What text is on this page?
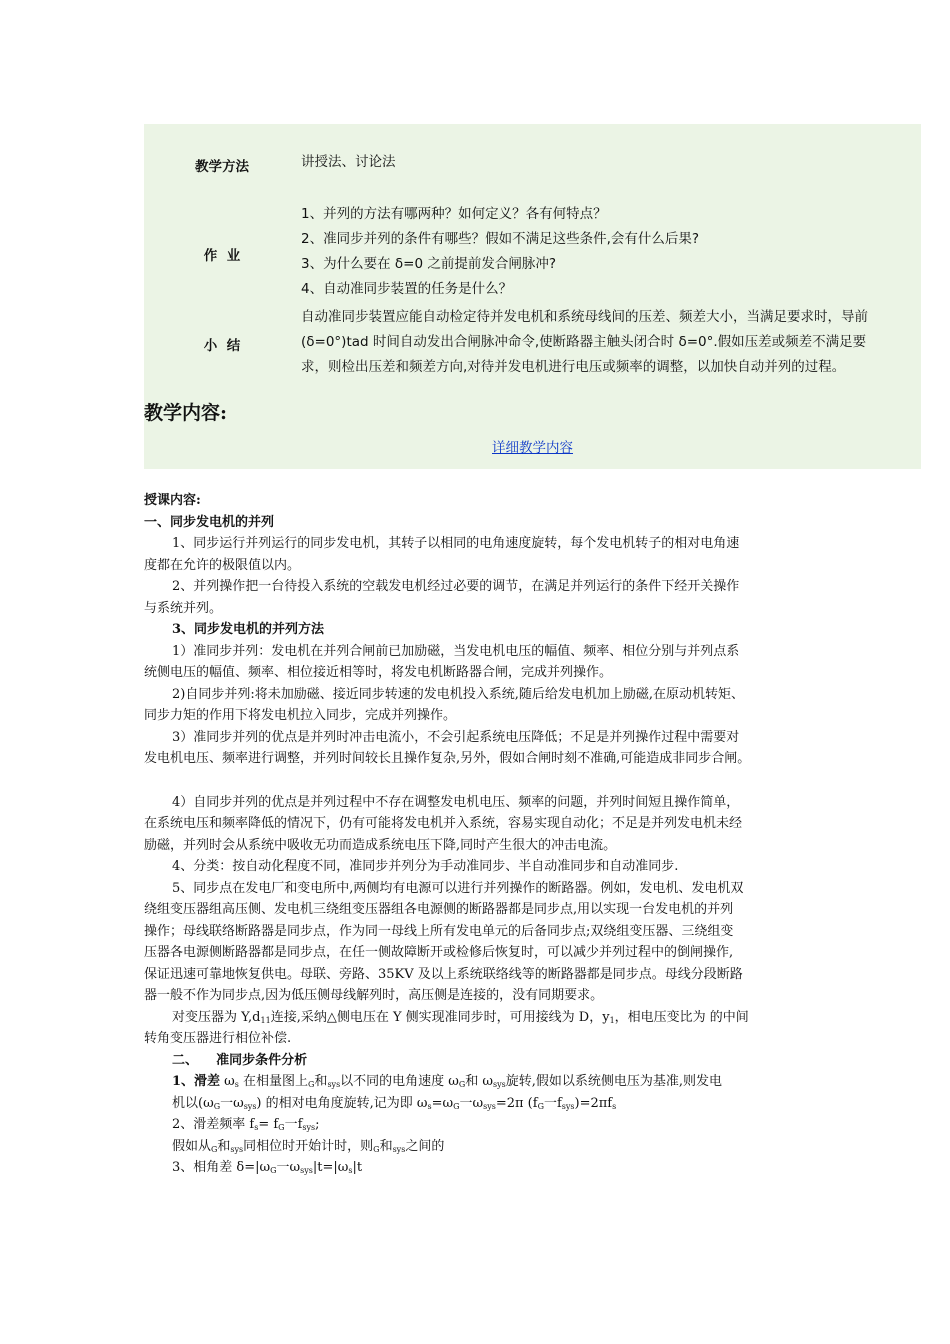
教学方法	讲授法、讨论法
作  业
1、并列的方法有哪两种？如何定义？各有何特点？
2、准同步并列的条件有哪些？假如不满足这些条件,会有什么后果?
3、为什么要在 δ=0 之前提前发合闸脉冲?
4、自动准同步装置的任务是什么？
小  结
自动准同步装置应能自动检定待并发电机和系统母线间的压差、频差大小，当满足要求时，导前
(δ=0°)tad 时间自动发出合闸脉冲命令,使断路器主触头闭合时 δ=0°.假如压差或频差不满足要
求，则检出压差和频差方向,对待并发电机进行电压或频率的调整，以加快自动并列的过程。
教学内容:
详细教学内容

授课内容:

一、同步发电机的并列

1、同步运行并列运行的同步发电机，其转子以相同的电角速度旋转，每个发电机转子的相对电角速

度都在允许的极限值以内。

2、并列操作把一台待投入系统的空载发电机经过必要的调节，在满足并列运行的条件下经开关操作

与系统并列。

3、同步发电机的并列方法

1）准同步并列：发电机在并列合闸前已加励磁，当发电机电压的幅值、频率、相位分别与并列点系

统侧电压的幅值、频率、相位接近相等时，将发电机断路器合闸，完成并列操作。

2)自同步并列:将未加励磁、接近同步转速的发电机投入系统,随后给发电机加上励磁,在原动机转矩、

同步力矩的作用下将发电机拉入同步，完成并列操作。

3）准同步并列的优点是并列时冲击电流小，不会引起系统电压降低；不足是并列操作过程中需要对

发电机电压、频率进行调整，并列时间较长且操作复杂,另外，假如合闸时刻不准确,可能造成非同步合闸。

4）自同步并列的优点是并列过程中不存在调整发电机电压、频率的问题，并列时间短且操作简单，

在系统电压和频率降低的情况下，仍有可能将发电机并入系统，容易实现自动化；不足是并列发电机未经

励磁，并列时会从系统中吸收无功而造成系统电压下降,同时产生很大的冲击电流。

4、分类：按自动化程度不同，准同步并列分为手动准同步、半自动准同步和自动准同步.

5、同步点在发电厂和变电所中,两侧均有电源可以进行并列操作的断路器。例如，发电机、发电机双

绕组变压器组高压侧、发电机三绕组变压器组各电源侧的断路器都是同步点,用以实现一台发电机的并列

操作；母线联络断路器是同步点，作为同一母线上所有发电单元的后备同步点;双绕组变压器、三绕组变

压器各电源侧断路器都是同步点，在任一侧故障断开或检修后恢复时，可以减少并列过程中的倒闸操作,

保证迅速可靠地恢复供电。母联、旁路、35KV 及以上系统联络线等的断路器都是同步点。母线分段断路

器一般不作为同步点,因为低压侧母线解列时，高压侧是连接的，没有同期要求。

对变压器为 $Y,d_{11}$连接,采纳△侧电压在 Y 侧实现准同步时，可用接线为 D，$y_1$，相电压变比为 的中间

转角变压器进行相位补偿.

二、    准同步条件分析

1、滑差 $\omega_s$ 在相量图上$_G$和$_{sys}$以不同的电角速度 $\omega_G$和 $\omega_{sys}$旋转,假如以系统侧电压为基准,则发电

机以($\omega_G$一$\omega_{sys}$) 的相对电角度旋转,记为即 $\omega_s=\omega_G$一$\omega_{sys}=2\pi$ ($f_G$一$f_{sys})=2\pi f_s$

2、滑差频率 $f_s= f_G$一$f_{sys}$;

假如从$_G$和$_{sys}$同相位时开始计时，则$_G$和$_{sys}$之间的

3、相角差 $\delta=|\omega_G$一$\omega_{sys}|t=|\omega_s|t$
